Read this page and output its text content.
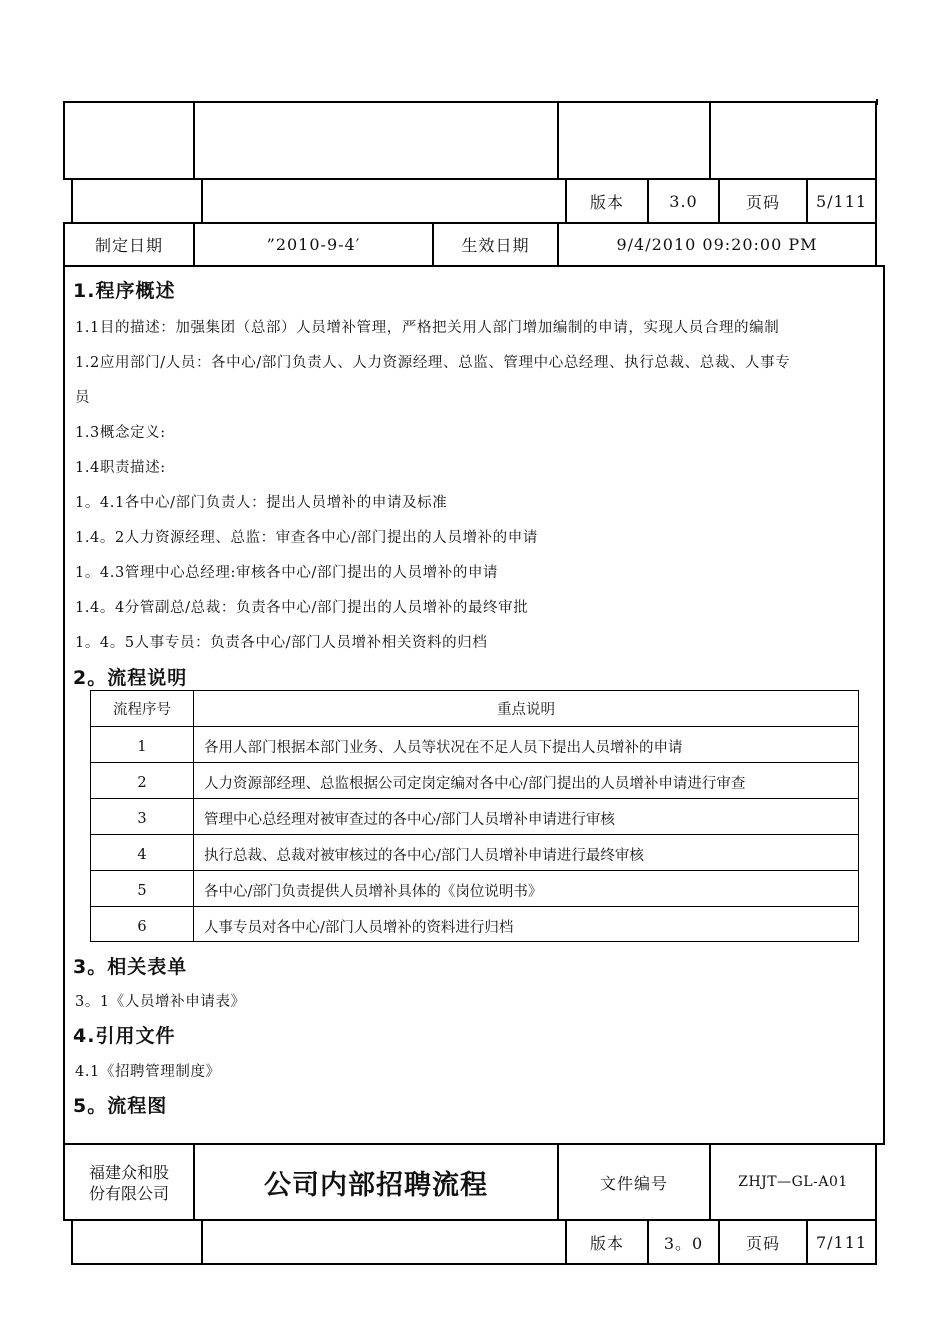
版本	3.0	页码	5/111
制定日期	”2010-9-4′	生效日期	9/4/2010 09:20:00 PM
1.程序概述
1.1目的描述：加强集团（总部）人员增补管理，严格把关用人部门增加编制的申请，实现人员合理的编制
1.2应用部门/人员：各中心/部门负责人、人力资源经理、总监、管理中心总经理、执行总裁、总裁、人事专
员
1.3概念定义:
1.4职责描述:
1。4.1各中心/部门负责人：提出人员增补的申请及标准
1.4。2人力资源经理、总监：审查各中心/部门提出的人员增补的申请
1。4.3管理中心总经理:审核各中心/部门提出的人员增补的申请
1.4。4分管副总/总裁：负责各中心/部门提出的人员增补的最终审批
1。4。5人事专员：负责各中心/部门人员增补相关资料的归档
2。流程说明
流程序号	重点说明
1	各用人部门根据本部门业务、人员等状况在不足人员下提出人员增补的申请
2	人力资源部经理、总监根据公司定岗定编对各中心/部门提出的人员增补申请进行审查
3	管理中心总经理对被审查过的各中心/部门人员增补申请进行审核
4	执行总裁、总裁对被审核过的各中心/部门人员增补申请进行最终审核
5	各中心/部门负责提供人员增补具体的《岗位说明书》
6	人事专员对各中心/部门人员增补的资料进行归档
3。相关表单
3。1《人员增补申请表》
4.引用文件
4.1《招聘管理制度》
5。流程图
福建众和股
份有限公司	公司内部招聘流程	文件编号	ZHJT—GL-A01
版本	3。0	页码	7/111
